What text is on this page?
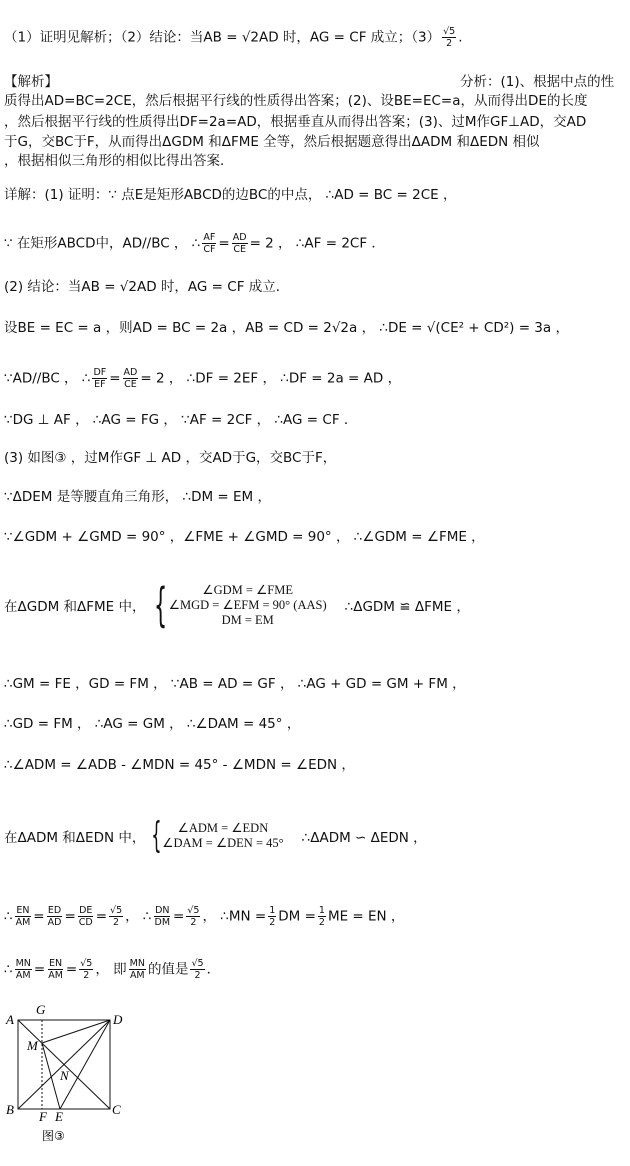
（1）证明见解析；（2）结论：当AB = √2AD 时，AG = CF 成立；$(3) \frac{√5}{2}$ .
【解析】	分析：(1)、根据中点的性
质得出AD=BC=2CE，然后根据平行线的性质得出答案；(2)、设BE=EC=a，从而得出DE的长度
，然后根据平行线的性质得出DF=2a=AD，根据垂直从而得出答案；(3)、过M作GF⊥AD，交AD
于G，交BC于F，从而得出ΔGDM 和ΔFME 全等，然后根据题意得出ΔADM 和ΔEDN 相似
，根据相似三角形的相似比得出答案．
详解：(1) 证明：∵ 点E是矩形ABCD的边BC的中点， ∴AD = BC = 2CE ，
∵ 在矩形ABCD中，AD//BC ， ∴ $\frac{AF}{CF} = \frac{AD}{CE} = 2$ ， ∴AF = 2CF ．
(2) 结论：当AB = √2AD 时，AG = CF 成立．
设BE = EC = a ，则AD = BC = 2a ，AB = CD = 2√2a ， ∴DE = √(CE² + CD²) = 3a ，
∵AD//BC ， ∴ $\frac{DF}{EF} = \frac{AD}{CE} = 2$ ， ∴DF = 2EF ， ∴DF = 2a = AD ，
∵DG ⊥ AF ， ∴AG = FG ， ∵AF = 2CF ， ∴AG = CF ．
(3) 如图③ ，过M作GF ⊥ AD ，交AD于G，交BC于F，
∵ΔDEM 是等腰直角三角形， ∴DM = EM ，
∵∠GDM + ∠GMD = 90° ，∠FME + ∠GMD = 90° ， ∴∠GDM = ∠FME ，
在ΔGDM 和ΔFME 中， {	∠GDM = ∠FME
∠MGD = ∠EFM = 90° (AAS)
DM = EM
∴ΔGDM ≌ ΔFME ，
∴GM = FE ，GD = FM ， ∵AB = AD = GF ， ∴AG + GD = GM + FM ，
∴GD = FM ， ∴AG = GM ， ∴∠DAM = 45° ，
∴∠ADM = ∠ADB - ∠MDN = 45° - ∠MDN = ∠EDN ，
在ΔADM 和ΔEDN 中， { ∠ADM = ∠EDN
∠DAM = ∠DEN = 45° ∴ΔADM ∽ ΔEDN ，
∴ $\frac{EN}{AM} = \frac{ED}{AD} = \frac{DE}{CD} = \frac{√5}{2}$ ， ∴ $\frac{DN}{DM} = \frac{√5}{2}$ ， ∴MN = $\frac{1}{2}$ DM = $\frac{1}{2}$ ME = EN ，
∴ $\frac{MN}{AM} = \frac{EN}{AM} = \frac{√5}{2}$ ， 即 $\frac{MN}{AM}$ 的值是 $\frac{√5}{2}$ ．
A
G
D
M
N
B F E	C
图③
